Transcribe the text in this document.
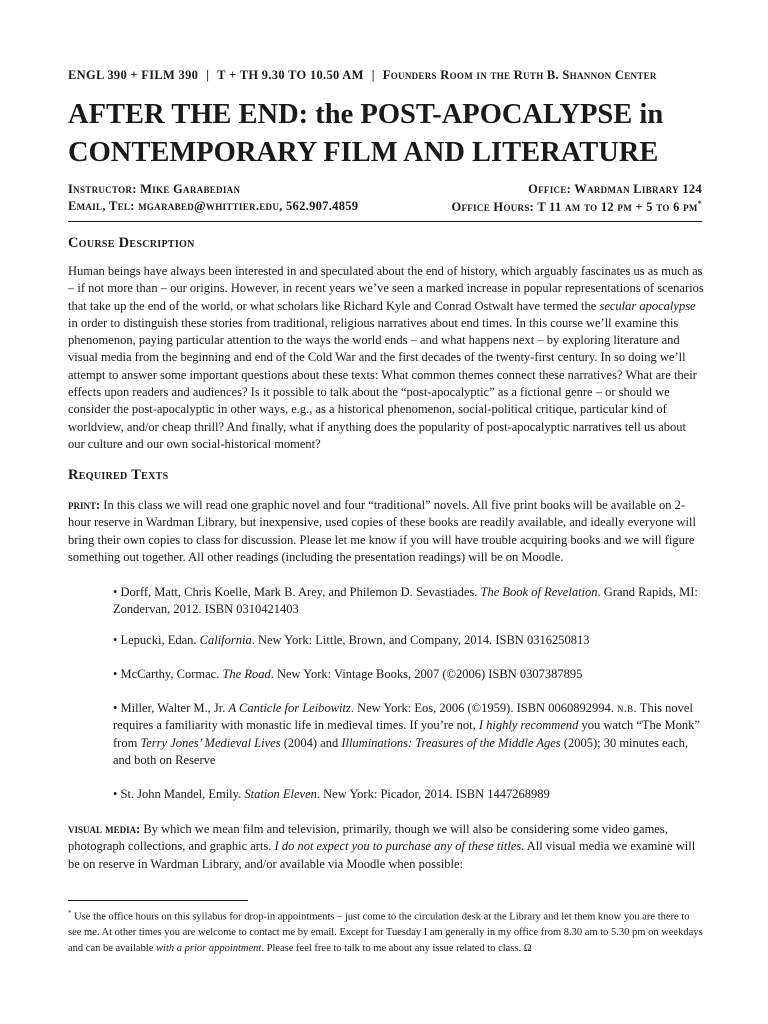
ENGL 390 + FILM 390 | T + TH 9.30 TO 10.50 AM | Founders Room in the Ruth B. Shannon Center
AFTER THE END: the POST-APOCALYPSE in
CONTEMPORARY FILM AND LITERATURE
Instructor: Mike Garabedian	Office: Wardman Library 124
Email, Tel: mgarabed@whittier.edu, 562.907.4859	Office Hours: T 11 am to 12 pm + 5 to 6 pm*
Course Description

Human beings have always been interested in and speculated about the end of history, which arguably fascinates us as much as – if not more than – our origins. However, in recent years we’ve seen a marked increase in popular representations of scenarios that take up the end of the world, or what scholars like Richard Kyle and Conrad Ostwalt have termed the secular apocalypse in order to distinguish these stories from traditional, religious narratives about end times. In this course we’ll examine this phenomenon, paying particular attention to the ways the world ends – and what happens next – by exploring literature and visual media from the beginning and end of the Cold War and the first decades of the twenty-first century. In so doing we’ll attempt to answer some important questions about these texts: What common themes connect these narratives? What are their effects upon readers and audiences? Is it possible to talk about the “post-apocalyptic” as a fictional genre – or should we consider the post-apocalyptic in other ways, e.g., as a historical phenomenon, social-political critique, particular kind of worldview, and/or cheap thrill? And finally, what if anything does the popularity of post-apocalyptic narratives tell us about our culture and our own social-historical moment?

Required Texts

print: In this class we will read one graphic novel and four “traditional” novels. All five print books will be available on 2-hour reserve in Wardman Library, but inexpensive, used copies of these books are readily available, and ideally everyone will bring their own copies to class for discussion. Please let me know if you will have trouble acquiring books and we will figure something out together. All other readings (including the presentation readings) will be on Moodle.

• Dorff, Matt, Chris Koelle, Mark B. Arey, and Philemon D. Sevastiades. The Book of Revelation. Grand Rapids, MI: Zondervan, 2012. ISBN 0310421403

• Lepucki, Edan. California. New York: Little, Brown, and Company, 2014. ISBN 0316250813

• McCarthy, Cormac. The Road. New York: Vintage Books, 2007 (©2006) ISBN 0307387895

• Miller, Walter M., Jr. A Canticle for Leibowitz. New York: Eos, 2006 (©1959). ISBN 0060892994. n.b. This novel requires a familiarity with monastic life in medieval times. If you’re not, I highly recommend you watch “The Monk” from Terry Jones’ Medieval Lives (2004) and Illuminations: Treasures of the Middle Ages (2005); 30 minutes each, and both on Reserve

• St. John Mandel, Emily. Station Eleven. New York: Picador, 2014. ISBN 1447268989

visual media: By which we mean film and television, primarily, though we will also be considering some video games, photograph collections, and graphic arts. I do not expect you to purchase any of these titles. All visual media we examine will be on reserve in Wardman Library, and/or available via Moodle when possible:

* Use the office hours on this syllabus for drop-in appointments – just come to the circulation desk at the Library and let them know you are there to see me. At other times you are welcome to contact me by email. Except for Tuesday I am generally in my office from 8.30 am to 5.30 pm on weekdays and can be available with a prior appointment. Please feel free to talk to me about any issue related to class. Ω
